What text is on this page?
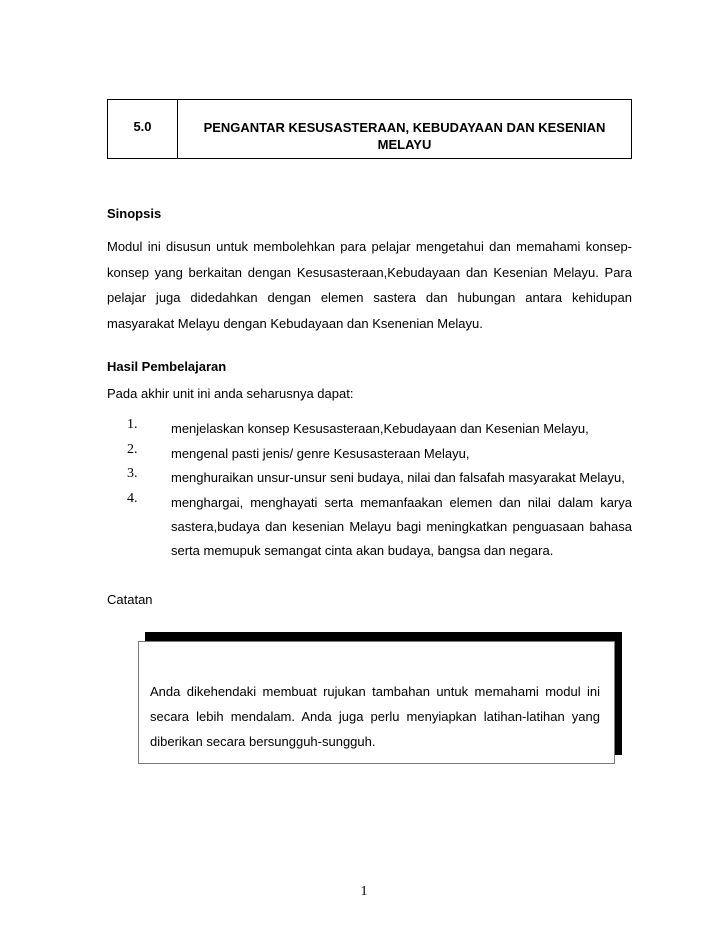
5.0	PENGANTAR KESUSASTERAAN, KEBUDAYAAN DAN KESENIAN
MELAYU
Sinopsis
Modul ini disusun untuk membolehkan para pelajar mengetahui dan memahami konsep-konsep yang berkaitan dengan Kesusasteraan,Kebudayaan dan Kesenian Melayu. Para pelajar juga didedahkan dengan elemen sastera dan hubungan antara kehidupan masyarakat Melayu dengan Kebudayaan dan Ksenenian Melayu.
Hasil Pembelajaran
Pada akhir unit ini anda seharusnya dapat:
1.	menjelaskan konsep Kesusasteraan,Kebudayaan dan Kesenian Melayu,
2.	mengenal pasti jenis/ genre Kesusasteraan Melayu,
3.	menghuraikan unsur-unsur seni budaya, nilai dan falsafah masyarakat Melayu,
4.	menghargai, menghayati serta memanfaakan elemen dan nilai dalam karya sastera,budaya dan kesenian Melayu bagi meningkatkan penguasaan bahasa serta memupuk semangat cinta akan budaya, bangsa dan negara.
Catatan
Anda dikehendaki membuat rujukan tambahan untuk memahami modul ini secara lebih mendalam. Anda juga perlu menyiapkan latihan-latihan yang diberikan secara bersungguh-sungguh.
1
